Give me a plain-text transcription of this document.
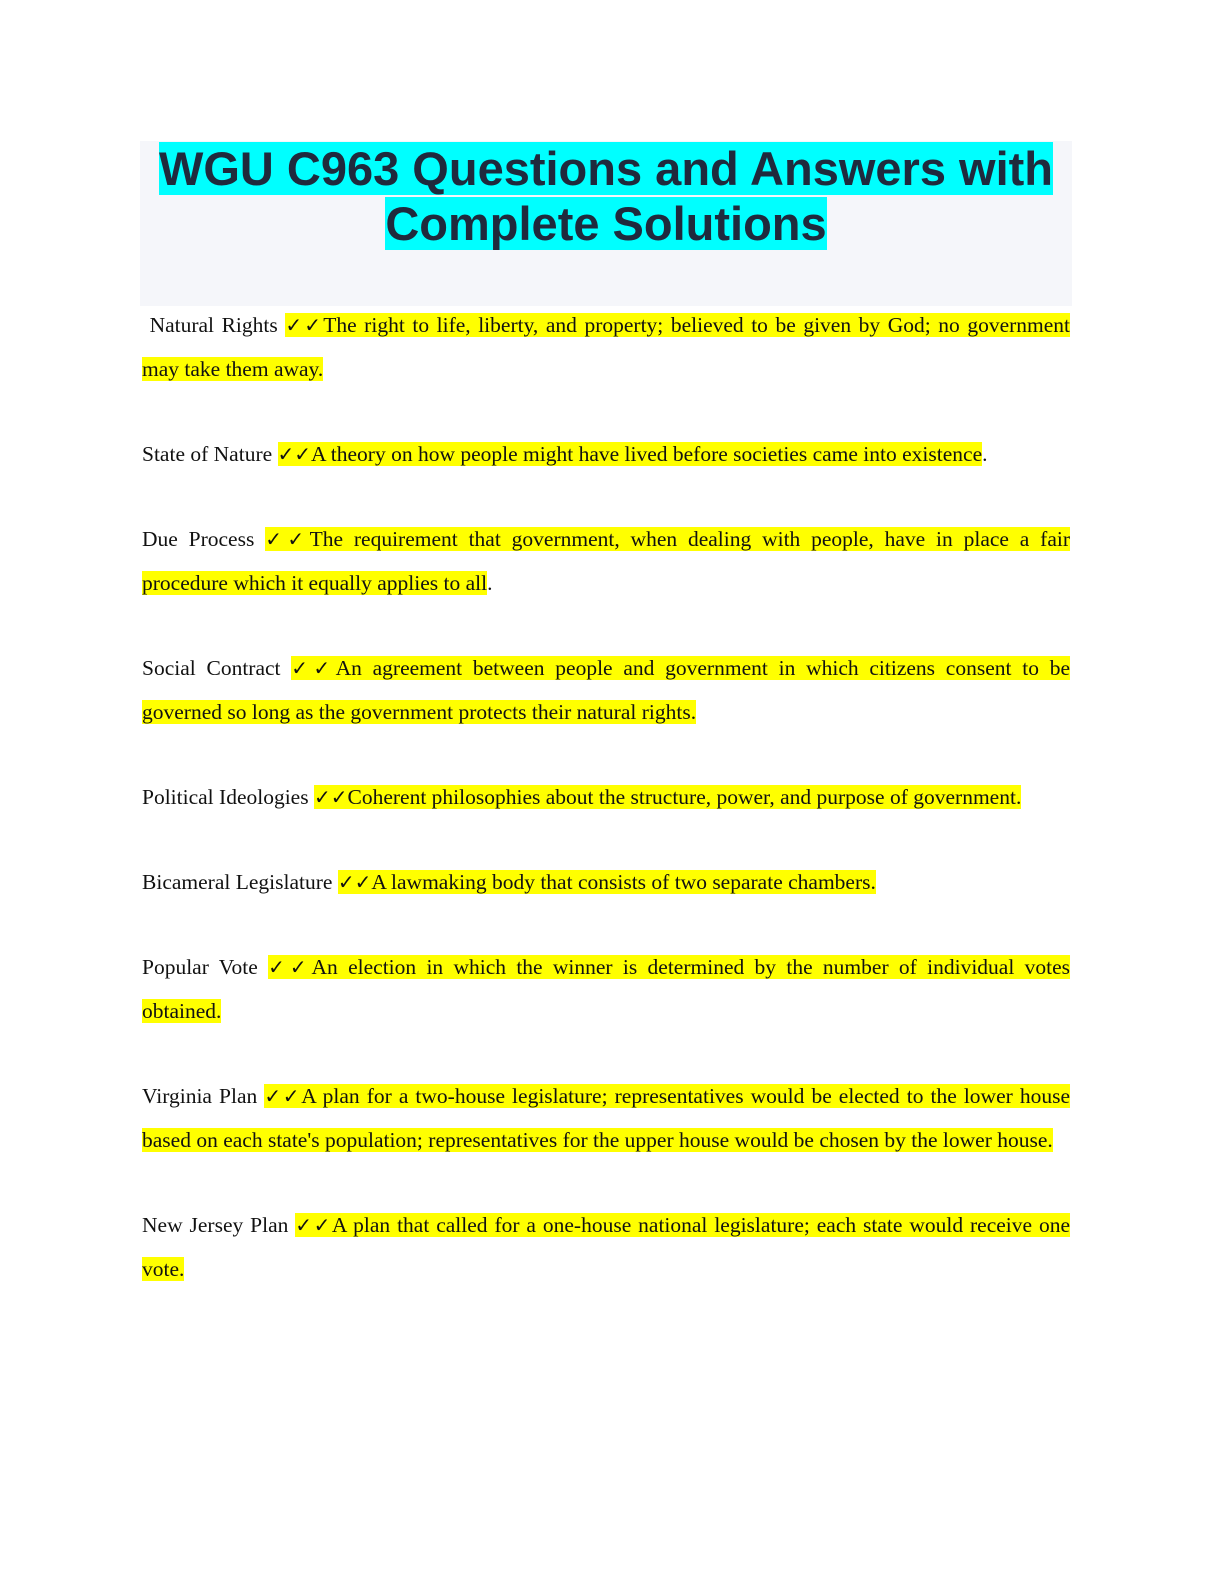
WGU C963 Questions and Answers with
Complete Solutions

Natural Rights ✓✓The right to life, liberty, and property; believed to be given by God; no government may take them away.

State of Nature ✓✓A theory on how people might have lived before societies came into existence.

Due Process ✓✓The requirement that government, when dealing with people, have in place a fair procedure which it equally applies to all.

Social Contract ✓✓An agreement between people and government in which citizens consent to be governed so long as the government protects their natural rights.

Political Ideologies ✓✓Coherent philosophies about the structure, power, and purpose of government.

Bicameral Legislature ✓✓A lawmaking body that consists of two separate chambers.

Popular Vote ✓✓An election in which the winner is determined by the number of individual votes obtained.

Virginia Plan ✓✓A plan for a two-house legislature; representatives would be elected to the lower house based on each state's population; representatives for the upper house would be chosen by the lower house.

New Jersey Plan ✓✓A plan that called for a one-house national legislature; each state would receive one vote.
